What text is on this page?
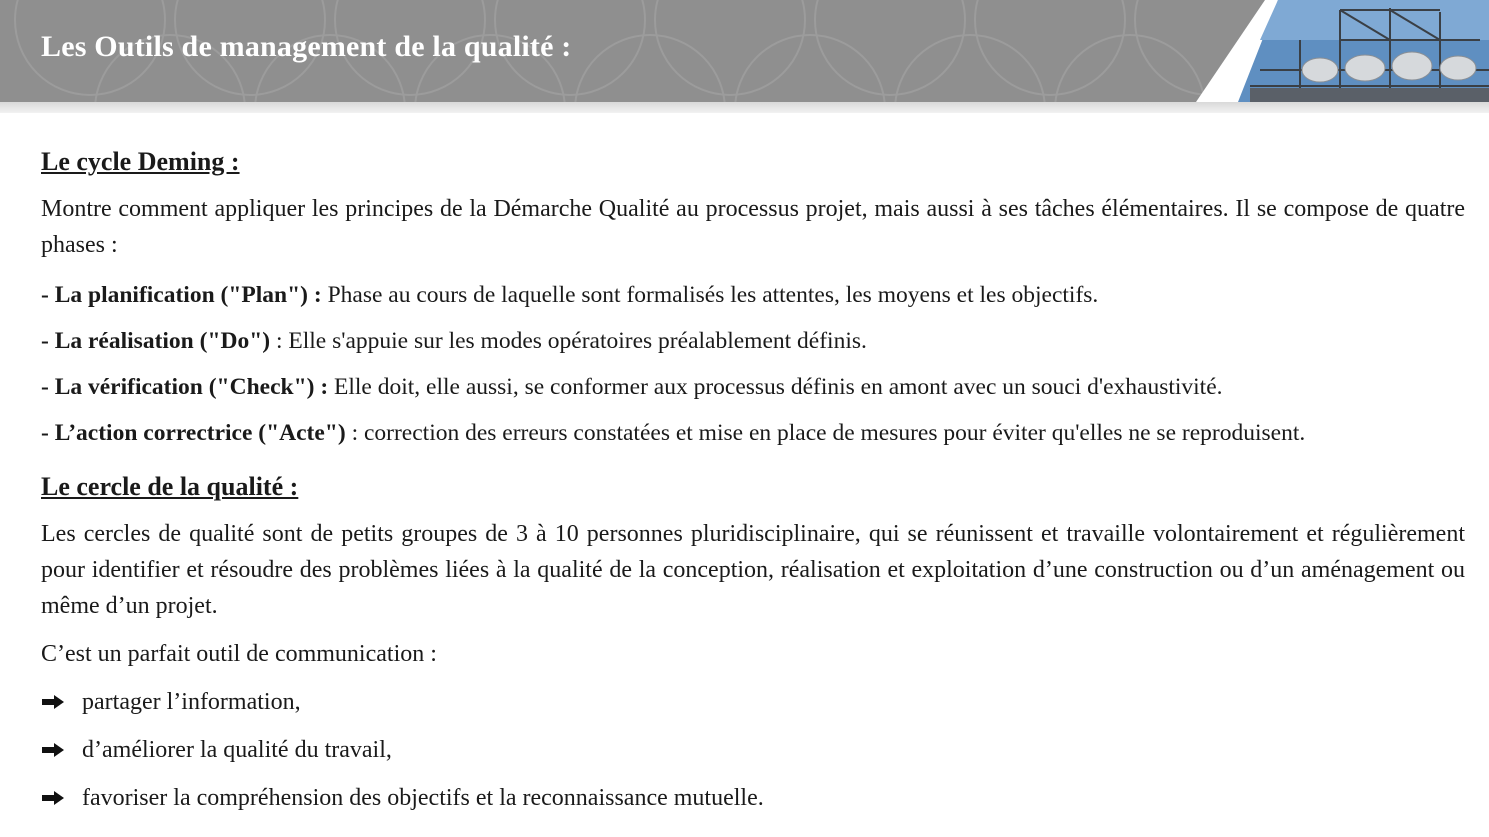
Les Outils de management de la qualité :
Le cycle Deming :

Montre comment appliquer les principes de la Démarche Qualité au processus projet, mais aussi à ses tâches élémentaires. Il se compose de quatre phases :

- La planification ("Plan") : Phase au cours de laquelle sont formalisés les attentes, les moyens et les objectifs.

- La réalisation ("Do") : Elle s'appuie sur les modes opératoires préalablement définis.

- La vérification ("Check") : Elle doit, elle aussi, se conformer aux processus définis en amont avec un souci d'exhaustivité.

- L’action correctrice ("Acte") : correction des erreurs constatées et mise en place de mesures pour éviter qu'elles ne se reproduisent.

Le cercle de la qualité :

Les cercles de qualité sont de petits groupes de 3 à 10 personnes pluridisciplinaire, qui se réunissent et travaille volontairement et régulièrement pour identifier et résoudre des problèmes liées à la qualité de la conception, réalisation et exploitation d’une construction ou d’un aménagement ou même d’un projet.

C’est un parfait outil de communication :

partager l’information,
d’améliorer la qualité du travail,
favoriser la compréhension des objectifs et la reconnaissance mutuelle.
